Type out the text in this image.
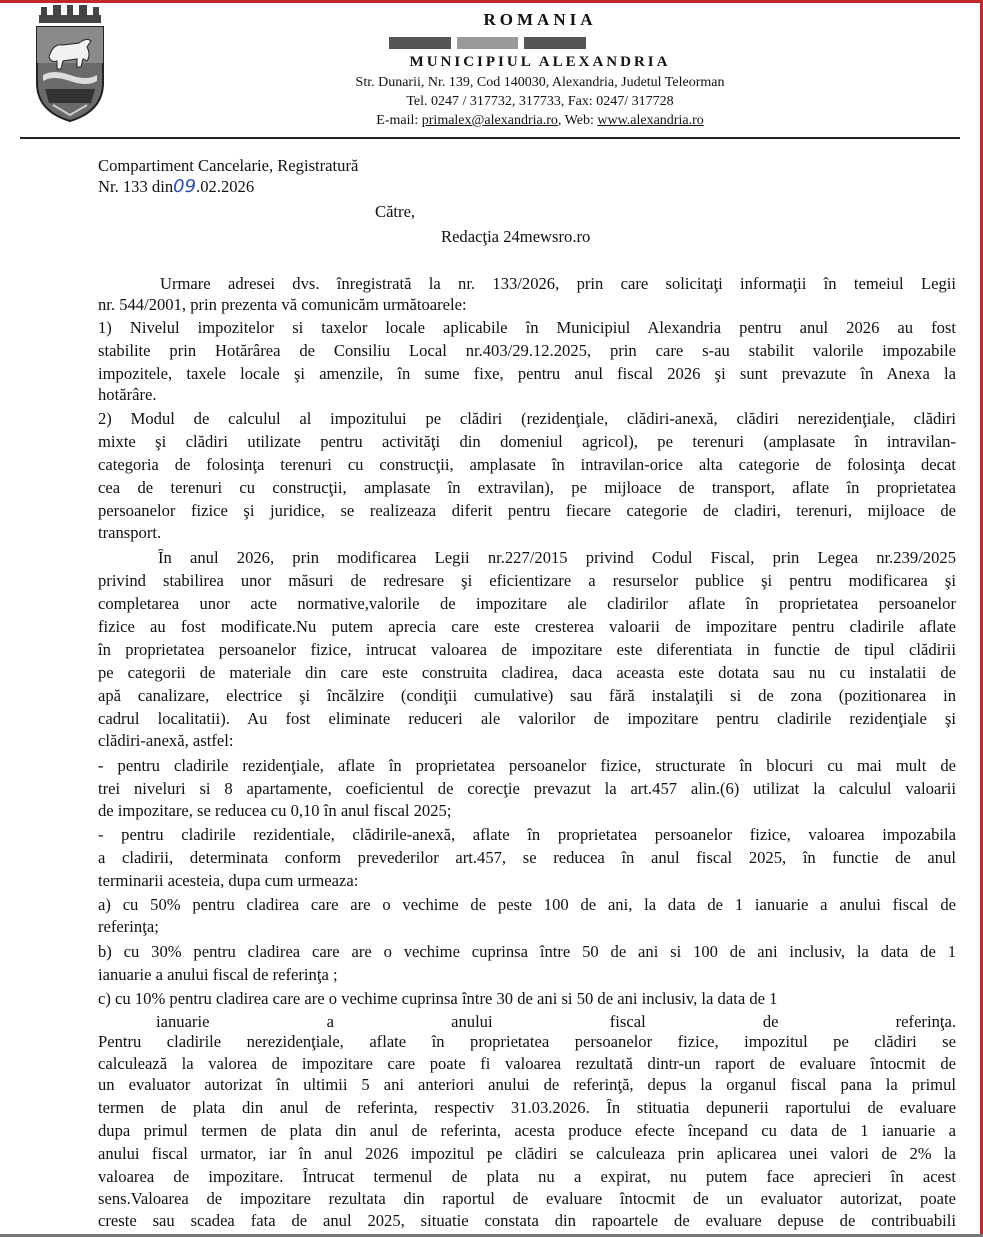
ROMANIA
MUNICIPIUL ALEXANDRIA
Str. Dunarii, Nr. 139, Cod 140030, Alexandria, Judetul Teleorman
Tel. 0247 / 317732, 317733, Fax: 0247/ 317728
E-mail: primalex@alexandria.ro, Web: www.alexandria.ro
Compartiment Cancelarie, Registratură
Nr. 133 din09.02.2026
Către,
Redacţia 24mewsro.ro
Urmare adresei dvs. înregistrată la nr. 133/2026, prin care solicitaţi informaţii în temeiul Legii
nr. 544/2001, prin prezenta vă comunicăm următoarele:
1) Nivelul impozitelor si taxelor locale aplicabile în Municipiul Alexandria pentru anul 2026 au fost
stabilite prin Hotărârea de Consiliu Local nr.403/29.12.2025, prin care s-au stabilit valorile impozabile
impozitele, taxele locale şi amenzile, în sume fixe, pentru anul fiscal 2026 şi sunt prevazute în Anexa la
hotărâre.
2) Modul de calculul al impozitului pe clădiri (rezidenţiale, clădiri-anexă, clădiri nerezidenţiale, clădiri
mixte şi clădiri utilizate pentru activităţi din domeniul agricol), pe terenuri (amplasate în intravilan-
categoria de folosinţa terenuri cu construcţii, amplasate în intravilan-orice alta categorie de folosinţa decat
cea de terenuri cu construcţii, amplasate în extravilan), pe mijloace de transport, aflate în proprietatea
persoanelor fizice şi juridice, se realizeaza diferit pentru fiecare categorie de cladiri, terenuri, mijloace de
transport.
În anul 2026, prin modificarea Legii nr.227/2015 privind Codul Fiscal, prin Legea nr.239/2025
privind stabilirea unor măsuri de redresare şi eficientizare a resurselor publice şi pentru modificarea şi
completarea unor acte normative,valorile de impozitare ale cladirilor aflate în proprietatea persoanelor
fizice au fost modificate.Nu putem aprecia care este cresterea valoarii de impozitare pentru cladirile aflate
în proprietatea persoanelor fizice, intrucat valoarea de impozitare este diferentiata in functie de tipul clădirii
pe categorii de materiale din care este construita cladirea, daca aceasta este dotata sau nu cu instalatii de
apă canalizare, electrice şi încălzire (condiţii cumulative) sau fără instalaţili si de zona (pozitionarea in
cadrul localitatii). Au fost eliminate reduceri ale valorilor de impozitare pentru cladirile rezidenţiale şi
clădiri-anexă, astfel:
- pentru cladirile rezidenţiale, aflate în proprietatea persoanelor fizice, structurate în blocuri cu mai mult de
trei niveluri si 8 apartamente, coeficientul de corecţie prevazut la art.457 alin.(6) utilizat la calculul valoarii
de impozitare, se reducea cu 0,10 în anul fiscal 2025;
- pentru cladirile rezidentiale, clădirile-anexă, aflate în proprietatea persoanelor fizice, valoarea impozabila
a cladirii, determinata conform prevederilor art.457, se reducea în anul fiscal 2025, în functie de anul
terminarii acesteia, dupa cum urmeaza:
a) cu 50% pentru cladirea care are o vechime de peste 100 de ani, la data de 1 ianuarie a anului fiscal de
referinţa;
b) cu 30% pentru cladirea care are o vechime cuprinsa între 50 de ani si 100 de ani inclusiv, la data de 1
ianuarie a anului fiscal de referinţa ;
c) cu 10% pentru cladirea care are o vechime cuprinsa între 30 de ani si 50 de ani inclusiv, la data de 1
ianuarie a anului fiscal de referinţa.
Pentru cladirile nerezidenţiale, aflate în proprietatea persoanelor fizice, impozitul pe clădiri se
calculează la valorea de impozitare care poate fi valoarea rezultată dintr-un raport de evaluare întocmit de
un evaluator autorizat în ultimii 5 ani anteriori anului de referinţă, depus la organul fiscal pana la primul
termen de plata din anul de referinta, respectiv 31.03.2026. În stituatia depunerii raportului de evaluare
dupa primul termen de plata din anul de referinta, acesta produce efecte începand cu data de 1 ianuarie a
anului fiscal urmator, iar în anul 2026 impozitul pe clădiri se calculeaza prin aplicarea unei valori de 2% la
valoarea de impozitare. Întrucat termenul de plata nu a expirat, nu putem face aprecieri în acest
sens.Valoarea de impozitare rezultata din raportul de evaluare întocmit de un evaluator autorizat, poate
creste sau scadea fata de anul 2025, situatie constata din rapoartele de evaluare depuse de contribuabili
